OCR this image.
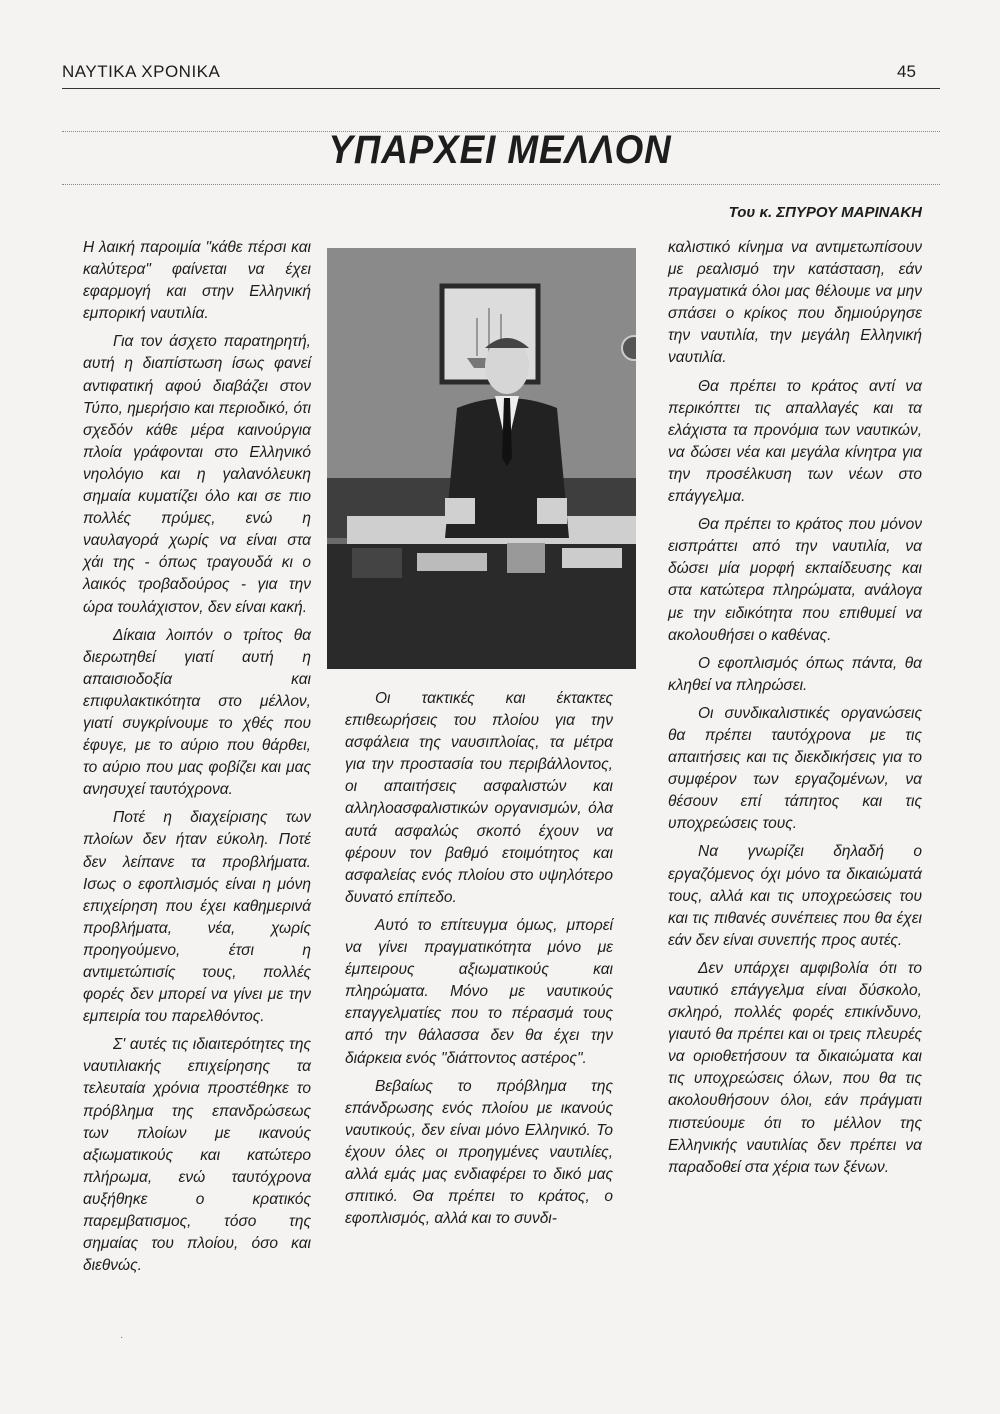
ΝΑΥΤΙΚΑ ΧΡΟΝΙΚΑ	45
ΥΠΑΡΧΕΙ ΜΕΛΛΟΝ
Του κ. ΣΠΥΡΟΥ ΜΑΡΙΝΑΚΗ

Η λαική παροιμία "κάθε πέρσι και καλύτερα" φαίνεται να έχει εφαρμογή και στην Ελληνική εμπορική ναυτιλία.

Για τον άσχετο παρατηρητή, αυτή η διαπίστωση ίσως φανεί αντιφατική αφού διαβάζει στον Τύπο, ημερήσιο και περιοδικό, ότι σχεδόν κάθε μέρα καινούργια πλοία γράφονται στο Ελληνικό νηολόγιο και η γαλανόλευκη σημαία κυματίζει όλο και σε πιο πολλές πρύμες, ενώ η ναυλαγορά χωρίς να είναι στα χάι της - όπως τραγουδά κι ο λαικός τροβαδούρος - για την ώρα τουλάχιστον, δεν είναι κακή.

Δίκαια λοιπόν ο τρίτος θα διερωτηθεί γιατί αυτή η απαισιοδοξία και επιφυλακτικότητα στο μέλλον, γιατί συγκρίνουμε το χθές που έφυγε, με το αύριο που θάρθει, το αύριο που μας φοβίζει και μας ανησυχεί ταυτόχρονα.

Ποτέ η διαχείρισης των πλοίων δεν ήταν εύκολη. Ποτέ δεν λείπανε τα προβλήματα. Ισως ο εφοπλισμός είναι η μόνη επιχείρηση που έχει καθημερινά προβλήματα, νέα, χωρίς προηγούμενο, έτσι η αντιμετώπισίς τους, πολλές φορές δεν μπορεί να γίνει με την εμπειρία του παρελθόντος.

Σ' αυτές τις ιδιαιτερότητες της ναυτιλιακής επιχείρησης τα τελευταία χρόνια προστέθηκε το πρόβλημα της επανδρώσεως των πλοίων με ικανούς αξιωματικούς και κατώτερο πλήρωμα, ενώ ταυτόχρονα αυξήθηκε ο κρατικός παρεμβατισμος, τόσο της σημαίας του πλοίου, όσο και διεθνώς.

Οι τακτικές και έκτακτες επιθεωρήσεις του πλοίου για την ασφάλεια της ναυσιπλοίας, τα μέτρα για την προστασία του περιβάλλοντος, οι απαιτήσεις ασφαλιστών και αλληλοασφαλιστικών οργανισμών, όλα αυτά ασφαλώς σκοπό έχουν να φέρουν τον βαθμό ετοιμότητος και ασφαλείας ενός πλοίου στο υψηλότερο δυνατό επίπεδο.

Αυτό το επίτευγμα όμως, μπορεί να γίνει πραγματικότητα μόνο με έμπειρους αξιωματικούς και πληρώματα. Μόνο με ναυτικούς επαγγελματίες που το πέρασμά τους από την θάλασσα δεν θα έχει την διάρκεια ενός "διάττοντος αστέρος".

Βεβαίως το πρόβλημα της επάνδρωσης ενός πλοίου με ικανούς ναυτικούς, δεν είναι μόνο Ελληνικό. Το έχουν όλες οι προηγμένες ναυτιλίες, αλλά εμάς μας ενδιαφέρει το δικό μας σπιτικό. Θα πρέπει το κράτος, ο εφοπλισμός, αλλά και το συνδι-

καλιστικό κίνημα να αντιμετωπίσουν με ρεαλισμό την κατάσταση, εάν πραγματικά όλοι μας θέλουμε να μην σπάσει ο κρίκος που δημιούργησε την ναυτιλία, την μεγάλη Ελληνική ναυτιλία.

Θα πρέπει το κράτος αντί να περικόπτει τις απαλλαγές και τα ελάχιστα τα προνόμια των ναυτικών, να δώσει νέα και μεγάλα κίνητρα για την προσέλκυση των νέων στο επάγγελμα.

Θα πρέπει το κράτος που μόνον εισπράττει από την ναυτιλία, να δώσει μία μορφή εκπαίδευσης και στα κατώτερα πληρώματα, ανάλογα με την ειδικότητα που επιθυμεί να ακολουθήσει ο καθένας.

Ο εφοπλισμός όπως πάντα, θα κληθεί να πληρώσει.

Οι συνδικαλιστικές οργανώσεις θα πρέπει ταυτόχρονα με τις απαιτήσεις και τις διεκδικήσεις για το συμφέρον των εργαζομένων, να θέσουν επί τάπητος και τις υποχρεώσεις τους.

Να γνωρίζει δηλαδή ο εργαζόμενος όχι μόνο τα δικαιώματά τους, αλλά και τις υποχρεώσεις του και τις πιθανές συνέπειες που θα έχει εάν δεν είναι συνεπής προς αυτές.

Δεν υπάρχει αμφιβολία ότι το ναυτικό επάγγελμα είναι δύσκολο, σκληρό, πολλές φορές επικίνδυνο, γιαυτό θα πρέπει και οι τρεις πλευρές να οριοθετήσουν τα δικαιώματα και τις υποχρεώσεις όλων, που θα τις ακολουθήσουν όλοι, εάν πράγματι πιστεύουμε ότι το μέλλον της Ελληνικής ναυτιλίας δεν πρέπει να παραδοθεί στα χέρια των ξένων.

·
